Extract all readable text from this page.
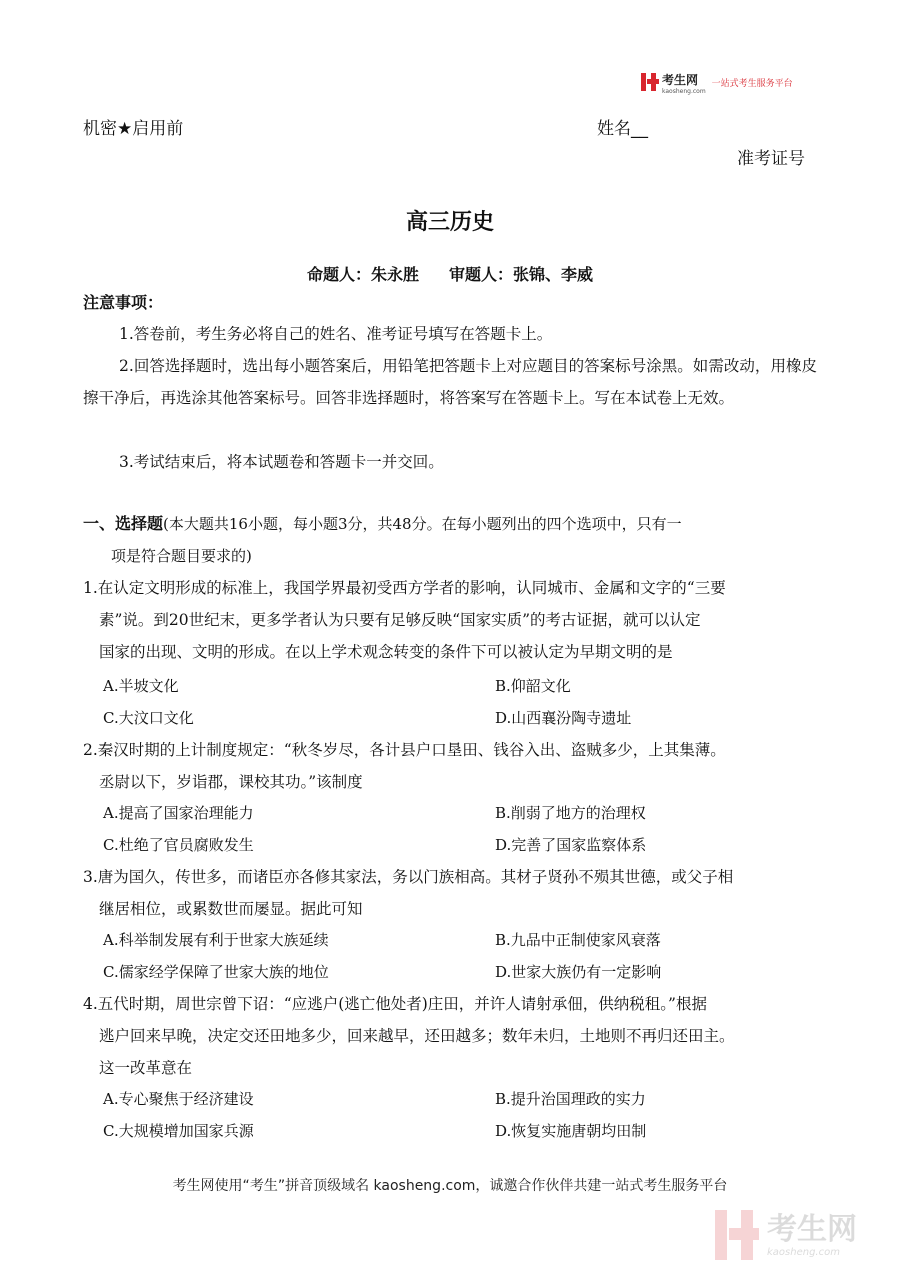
考生网
kaosheng.com
一站式考生服务平台
机密★启用前	姓名__
准考证号
高三历史
命题人：朱永胜 审题人：张锦、李威
注意事项：
1.答卷前，考生务必将自己的姓名、准考证号填写在答题卡上。
2.回答选择题时，选出每小题答案后，用铅笔把答题卡上对应题目的答案标号涂黑。如需改动，用橡皮擦干净后，再选涂其他答案标号。回答非选择题时，将答案写在答题卡上。写在本试卷上无效。
3.考试结束后，将本试题卷和答题卡一并交回。
一、选择题(本大题共16小题，每小题3分，共48分。在每小题列出的四个选项中，只有一
项是符合题目要求的)
1.在认定文明形成的标准上，我国学界最初受西方学者的影响，认同城市、金属和文字的“三要
素”说。到20世纪末，更多学者认为只要有足够反映“国家实质”的考古证据，就可以认定
国家的出现、文明的形成。在以上学术观念转变的条件下可以被认定为早期文明的是
A.半坡文化	B.仰韶文化
C.大汶口文化	D.山西襄汾陶寺遗址
2.秦汉时期的上计制度规定：“秋冬岁尽，各计县户口垦田、钱谷入出、盗贼多少，上其集薄。
丞尉以下，岁诣郡，课校其功。”该制度
A.提高了国家治理能力	B.削弱了地方的治理权
C.杜绝了官员腐败发生	D.完善了国家监察体系
3.唐为国久，传世多，而诸臣亦各修其家法，务以门族相高。其材子贤孙不殒其世德，或父子相
继居相位，或累数世而屡显。据此可知
A.科举制发展有利于世家大族延续	B.九品中正制使家风衰落
C.儒家经学保障了世家大族的地位	D.世家大族仍有一定影响
4.五代时期，周世宗曾下诏：“应逃户(逃亡他处者)庄田，并许人请射承佃，供纳税租。”根据
逃户回来早晚，决定交还田地多少，回来越早，还田越多；数年未归，土地则不再归还田主。
这一改革意在
A.专心聚焦于经济建设	B.提升治国理政的实力
C.大规模增加国家兵源	D.恢复实施唐朝均田制
考生网使用“考生”拼音顶级域名 kaosheng.com，诚邀合作伙伴共建一站式考生服务平台
考生网
kaosheng.com
